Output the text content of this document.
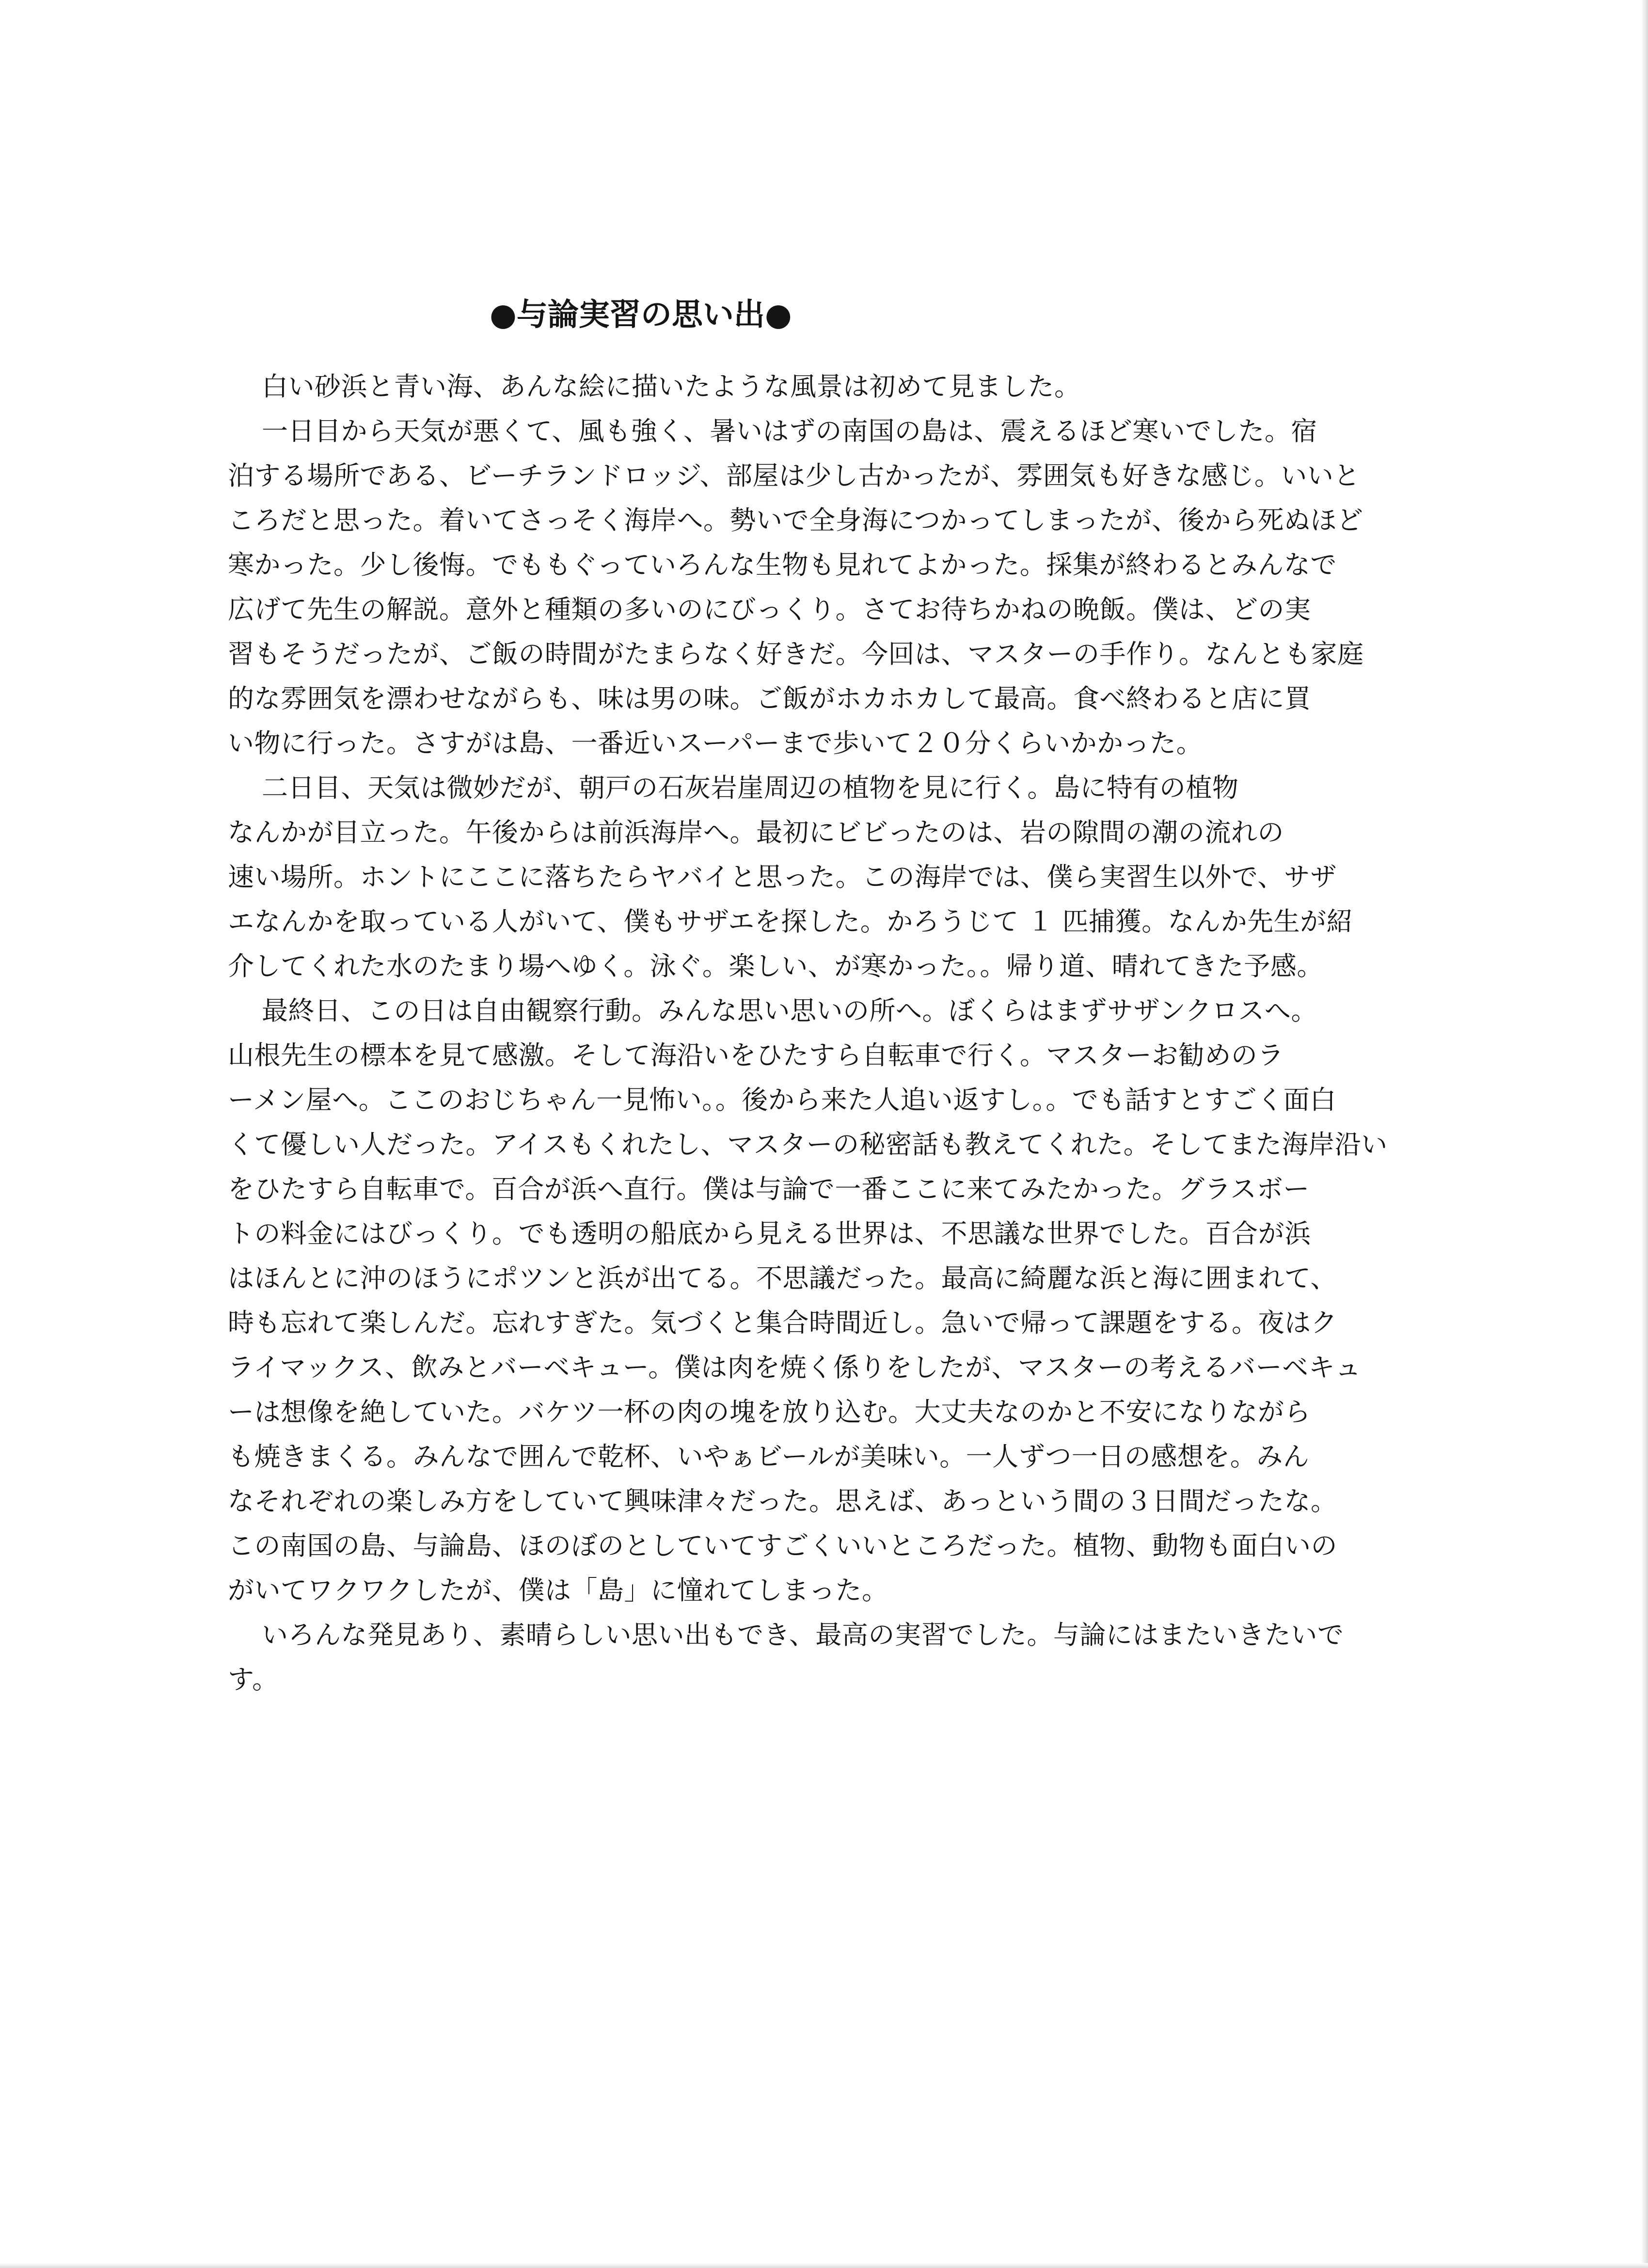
●与論実習の思い出●
白い砂浜と青い海、あんな絵に描いたような風景は初めて見ました。
一日目から天気が悪くて、風も強く、暑いはずの南国の島は、震えるほど寒いでした。宿
泊する場所である、ビーチランドロッジ、部屋は少し古かったが、雰囲気も好きな感じ。いいと
ころだと思った。着いてさっそく海岸へ。勢いで全身海につかってしまったが、後から死ぬほど
寒かった。少し後悔。でももぐっていろんな生物も見れてよかった。採集が終わるとみんなで
広げて先生の解説。意外と種類の多いのにびっくり。さてお待ちかねの晩飯。僕は、どの実
習もそうだったが、ご飯の時間がたまらなく好きだ。今回は、マスターの手作り。なんとも家庭
的な雰囲気を漂わせながらも、味は男の味。ご飯がホカホカして最高。食べ終わると店に買
い物に行った。さすがは島、一番近いスーパーまで歩いて２０分くらいかかった。
二日目、天気は微妙だが、朝戸の石灰岩崖周辺の植物を見に行く。島に特有の植物
なんかが目立った。午後からは前浜海岸へ。最初にビビったのは、岩の隙間の潮の流れの
速い場所。ホントにここに落ちたらヤバイと思った。この海岸では、僕ら実習生以外で、サザ
エなんかを取っている人がいて、僕もサザエを探した。かろうじて １ 匹捕獲。なんか先生が紹
介してくれた水のたまり場へゆく。泳ぐ。楽しい、が寒かった。。帰り道、晴れてきた予感。
最終日、この日は自由観察行動。みんな思い思いの所へ。ぼくらはまずサザンクロスへ。
山根先生の標本を見て感激。そして海沿いをひたすら自転車で行く。マスターお勧めのラ
ーメン屋へ。ここのおじちゃん一見怖い。。後から来た人追い返すし。。でも話すとすごく面白
くて優しい人だった。アイスもくれたし、マスターの秘密話も教えてくれた。そしてまた海岸沿い
をひたすら自転車で。百合が浜へ直行。僕は与論で一番ここに来てみたかった。グラスボー
トの料金にはびっくり。でも透明の船底から見える世界は、不思議な世界でした。百合が浜
はほんとに沖のほうにポツンと浜が出てる。不思議だった。最高に綺麗な浜と海に囲まれて、
時も忘れて楽しんだ。忘れすぎた。気づくと集合時間近し。急いで帰って課題をする。夜はク
ライマックス、飲みとバーベキュー。僕は肉を焼く係りをしたが、マスターの考えるバーベキュ
ーは想像を絶していた。バケツ一杯の肉の塊を放り込む。大丈夫なのかと不安になりながら
も焼きまくる。みんなで囲んで乾杯、いやぁビールが美味い。一人ずつ一日の感想を。みん
なそれぞれの楽しみ方をしていて興味津々だった。思えば、あっという間の３日間だったな。
この南国の島、与論島、ほのぼのとしていてすごくいいところだった。植物、動物も面白いの
がいてワクワクしたが、僕は「島」に憧れてしまった。
いろんな発見あり、素晴らしい思い出もでき、最高の実習でした。与論にはまたいきたいで
す。
